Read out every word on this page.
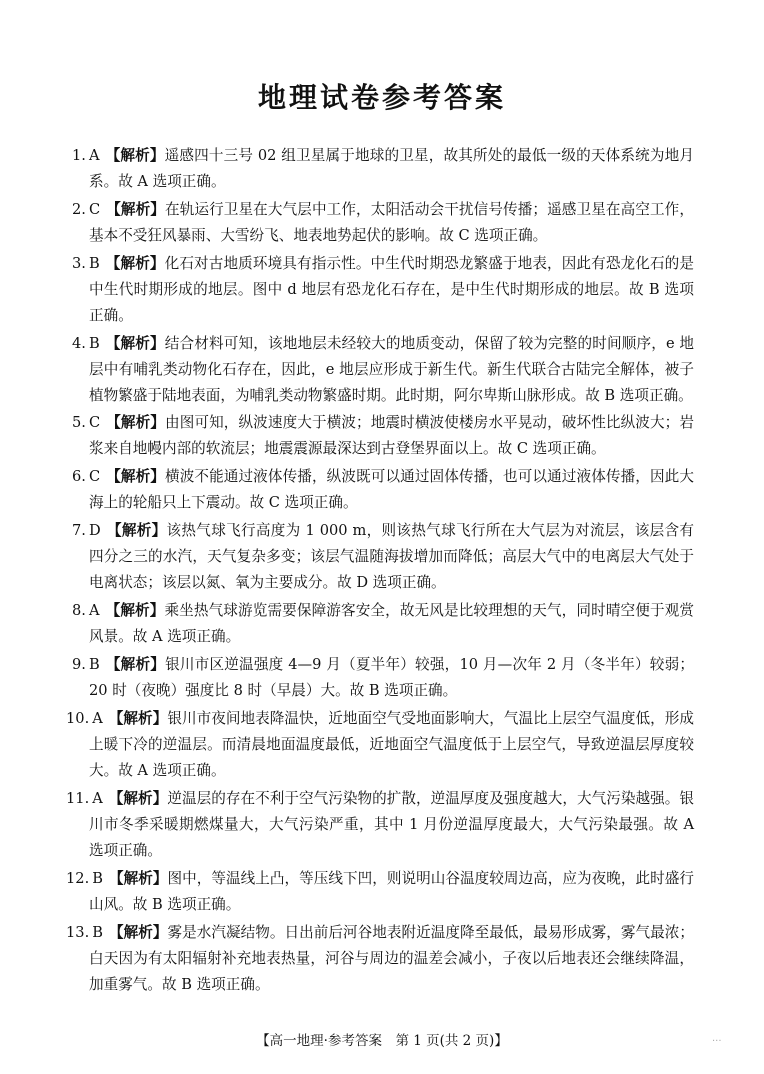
地理试卷参考答案
1. A 【解析】遥感四十三号 02 组卫星属于地球的卫星，故其所处的最低一级的天体系统为地月系。故 A 选项正确。
2. C 【解析】在轨运行卫星在大气层中工作，太阳活动会干扰信号传播；遥感卫星在高空工作，基本不受狂风暴雨、大雪纷飞、地表地势起伏的影响。故 C 选项正确。
3. B 【解析】化石对古地质环境具有指示性。中生代时期恐龙繁盛于地表，因此有恐龙化石的是中生代时期形成的地层。图中 d 地层有恐龙化石存在，是中生代时期形成的地层。故 B 选项正确。
4. B 【解析】结合材料可知，该地地层未经较大的地质变动，保留了较为完整的时间顺序，e 地层中有哺乳类动物化石存在，因此，e 地层应形成于新生代。新生代联合古陆完全解体，被子植物繁盛于陆地表面，为哺乳类动物繁盛时期。此时期，阿尔卑斯山脉形成。故 B 选项正确。
5. C 【解析】由图可知，纵波速度大于横波；地震时横波使楼房水平晃动，破坏性比纵波大；岩浆来自地幔内部的软流层；地震震源最深达到古登堡界面以上。故 C 选项正确。
6. C 【解析】横波不能通过液体传播，纵波既可以通过固体传播，也可以通过液体传播，因此大海上的轮船只上下震动。故 C 选项正确。
7. D 【解析】该热气球飞行高度为 1 000 m，则该热气球飞行所在大气层为对流层，该层含有四分之三的水汽，天气复杂多变；该层气温随海拔增加而降低；高层大气中的电离层大气处于电离状态；该层以氮、氧为主要成分。故 D 选项正确。
8. A 【解析】乘坐热气球游览需要保障游客安全，故无风是比较理想的天气，同时晴空便于观赏风景。故 A 选项正确。
9. B 【解析】银川市区逆温强度 4—9 月（夏半年）较强，10 月—次年 2 月（冬半年）较弱；20 时（夜晚）强度比 8 时（早晨）大。故 B 选项正确。
10. A 【解析】银川市夜间地表降温快，近地面空气受地面影响大，气温比上层空气温度低，形成上暖下冷的逆温层。而清晨地面温度最低，近地面空气温度低于上层空气，导致逆温层厚度较大。故 A 选项正确。
11. A 【解析】逆温层的存在不利于空气污染物的扩散，逆温厚度及强度越大，大气污染越强。银川市冬季采暖期燃煤量大，大气污染严重，其中 1 月份逆温厚度最大，大气污染最强。故 A 选项正确。
12. B 【解析】图中，等温线上凸，等压线下凹，则说明山谷温度较周边高，应为夜晚，此时盛行山风。故 B 选项正确。
13. B 【解析】雾是水汽凝结物。日出前后河谷地表附近温度降至最低，最易形成雾，雾气最浓；白天因为有太阳辐射补充地表热量，河谷与周边的温差会减小，子夜以后地表还会继续降温，加重雾气。故 B 选项正确。
【高一地理·参考答案　第 1 页(共 2 页)】	...
